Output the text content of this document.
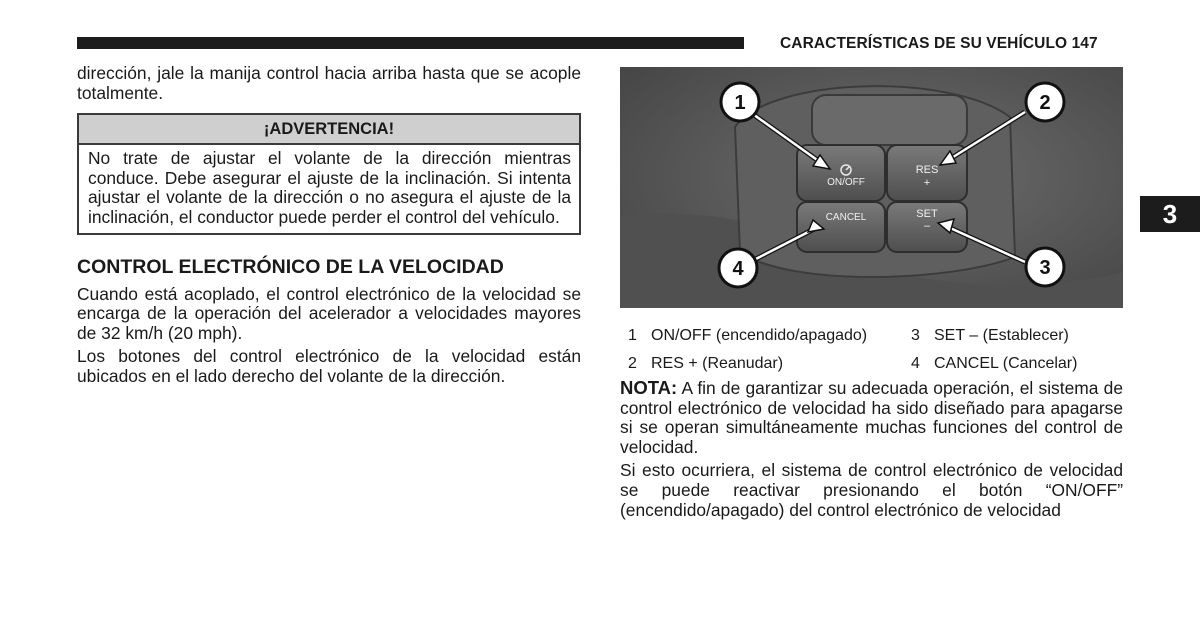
CARACTERÍSTICAS DE SU VEHÍCULO 147
3

dirección, jale la manija control hacia arriba hasta que se acople totalmente.

¡ADVERTENCIA!
No trate de ajustar el volante de la dirección mientras conduce. Debe asegurar el ajuste de la inclinación. Si intenta ajustar el volante de la dirección o no asegura el ajuste de la inclinación, el conductor puede perder el control del vehículo.
CONTROL ELECTRÓNICO DE LA VELOCIDAD

Cuando está acoplado, el control electrónico de la velocidad se encarga de la operación del acelerador a velocidades mayores de 32 km/h (20 mph).

Los botones del control electrónico de la velocidad están ubicados en el lado derecho del volante de la dirección.

ON/OFF
RES
+
CANCEL	SET
–
1	2
3
4
1 ON/OFF (encendido/apagado)	3 SET – (Establecer)
2 RES + (Reanudar)	4 CANCEL (Cancelar)

NOTA: A fin de garantizar su adecuada operación, el sistema de control electrónico de velocidad ha sido diseñado para apagarse si se operan simultáneamente muchas funciones del control de velocidad.

Si esto ocurriera, el sistema de control electrónico de velocidad se puede reactivar presionando el botón “ON/OFF” (encendido/apagado) del control electrónico de velocidad
